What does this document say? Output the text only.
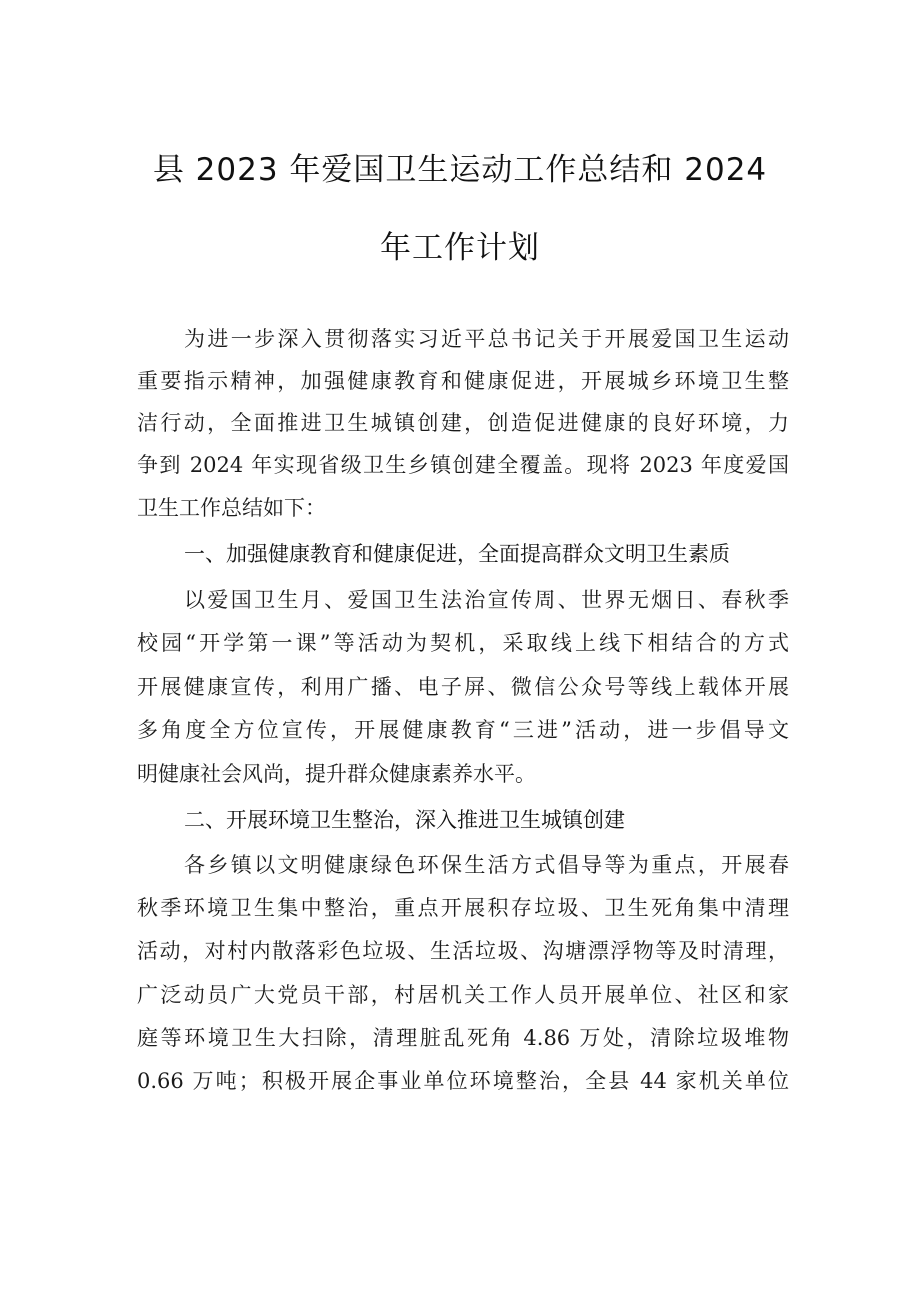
县 2023 年爱国卫生运动工作总结和 2024
年工作计划
为进一步深入贯彻落实习近平总书记关于开展爱国卫生运动
重要指示精神，加强健康教育和健康促进，开展城乡环境卫生整
洁行动，全面推进卫生城镇创建，创造促进健康的良好环境，力
争到 2024 年实现省级卫生乡镇创建全覆盖。现将 2023 年度爱国
卫生工作总结如下：
一、加强健康教育和健康促进，全面提高群众文明卫生素质
以爱国卫生月、爱国卫生法治宣传周、世界无烟日、春秋季
校园“开学第一课”等活动为契机，采取线上线下相结合的方式
开展健康宣传，利用广播、电子屏、微信公众号等线上载体开展
多角度全方位宣传，开展健康教育“三进”活动，进一步倡导文
明健康社会风尚，提升群众健康素养水平。
二、开展环境卫生整治，深入推进卫生城镇创建
各乡镇以文明健康绿色环保生活方式倡导等为重点，开展春
秋季环境卫生集中整治，重点开展积存垃圾、卫生死角集中清理
活动，对村内散落彩色垃圾、生活垃圾、沟塘漂浮物等及时清理，
广泛动员广大党员干部，村居机关工作人员开展单位、社区和家
庭等环境卫生大扫除，清理脏乱死角 4.86 万处，清除垃圾堆物
0.66 万吨；积极开展企事业单位环境整治，全县 44 家机关单位
